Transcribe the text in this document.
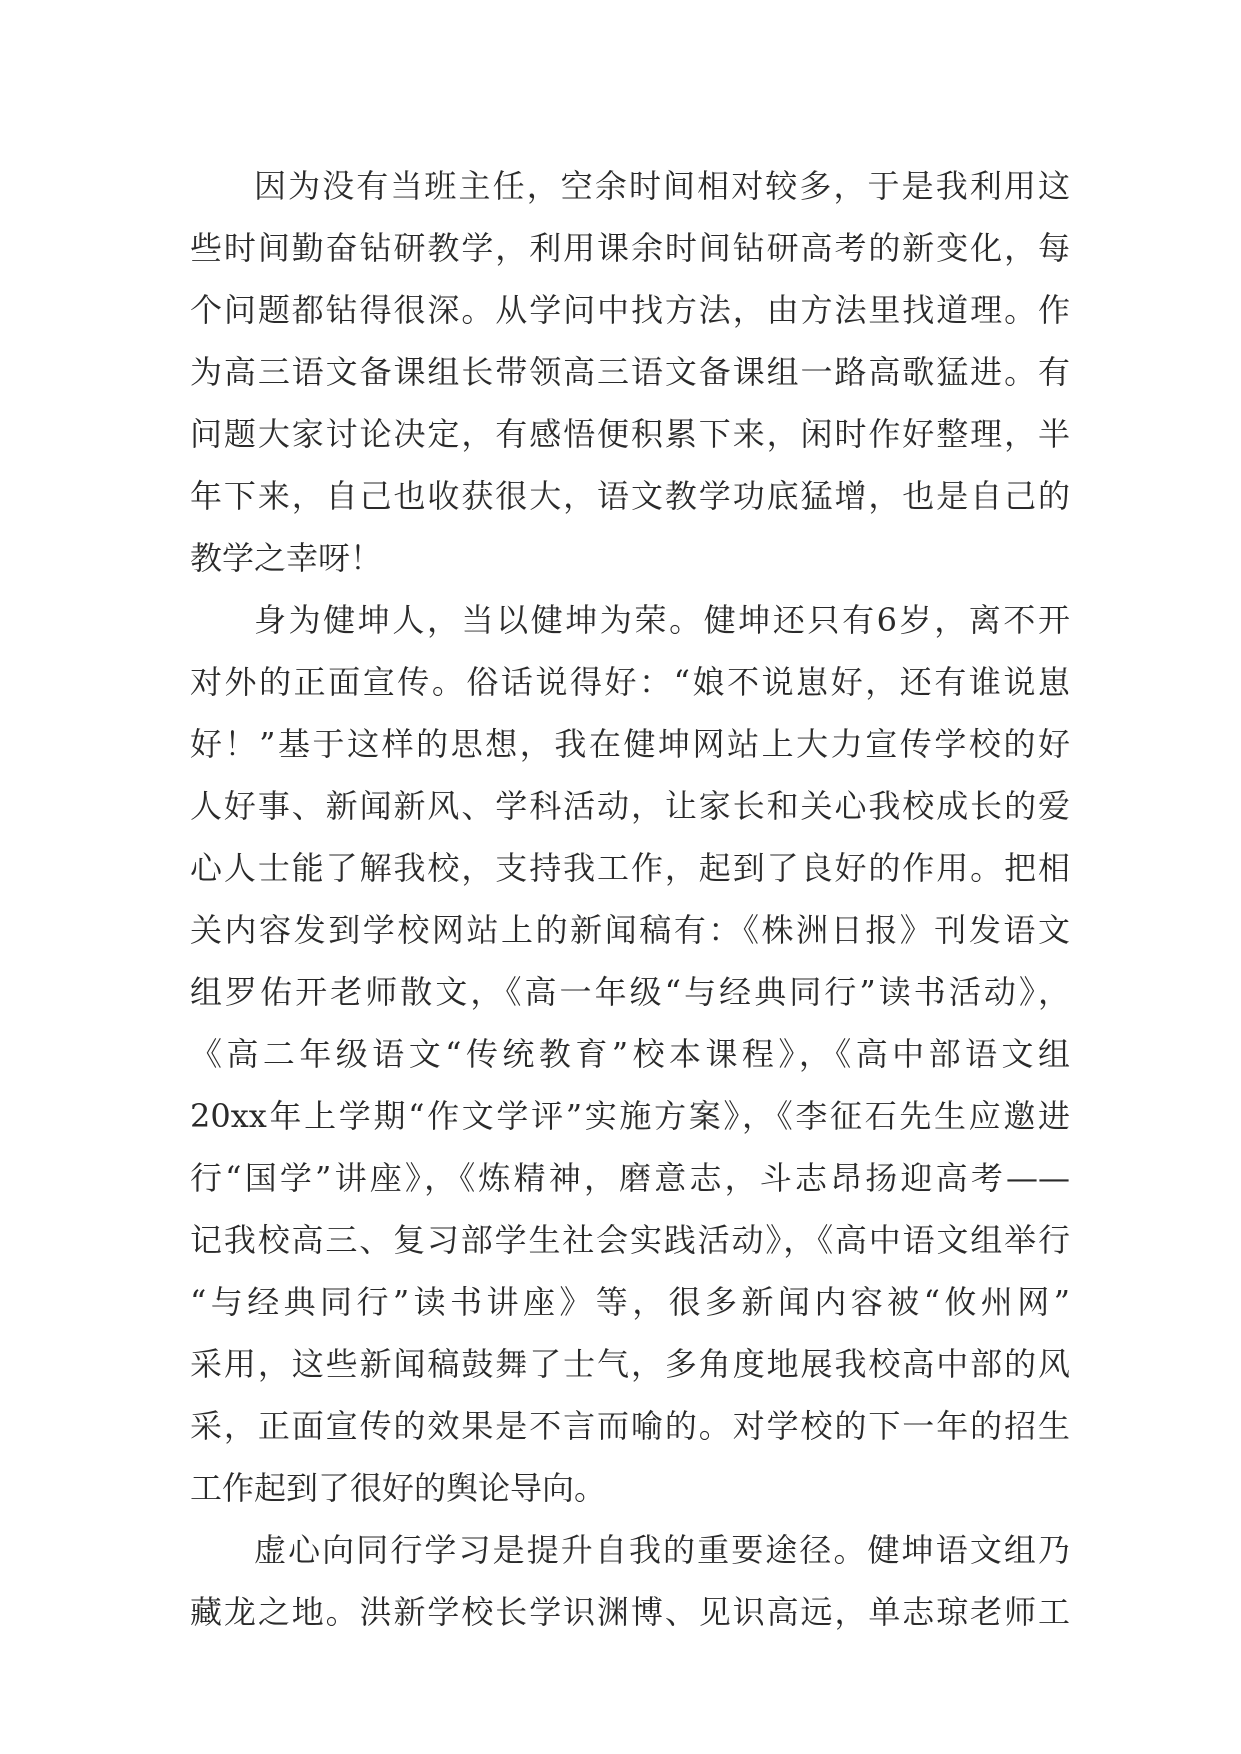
因为没有当班主任，空余时间相对较多，于是我利用这
些时间勤奋钻研教学，利用课余时间钻研高考的新变化，每
个问题都钻得很深。从学问中找方法，由方法里找道理。作
为高三语文备课组长带领高三语文备课组一路高歌猛进。有
问题大家讨论决定，有感悟便积累下来，闲时作好整理，半
年下来，自己也收获很大，语文教学功底猛增，也是自己的
教学之幸呀！
身为健坤人，当以健坤为荣。健坤还只有6岁，离不开
对外的正面宣传。俗话说得好：“娘不说崽好，还有谁说崽
好！”基于这样的思想，我在健坤网站上大力宣传学校的好
人好事、新闻新风、学科活动，让家长和关心我校成长的爱
心人士能了解我校，支持我工作，起到了良好的作用。把相
关内容发到学校网站上的新闻稿有：《株洲日报》刊发语文
组罗佑开老师散文，《高一年级“与经典同行”读书活动》，
《高二年级语文“传统教育”校本课程》，《高中部语文组
20xx年上学期“作文学评”实施方案》，《李征石先生应邀进
行“国学”讲座》，《炼精神，磨意志，斗志昂扬迎高考——
记我校高三、复习部学生社会实践活动》，《高中语文组举行
“与经典同行”读书讲座》等，很多新闻内容被“攸州网”
采用，这些新闻稿鼓舞了士气，多角度地展我校高中部的风
采，正面宣传的效果是不言而喻的。对学校的下一年的招生
工作起到了很好的舆论导向。
虚心向同行学习是提升自我的重要途径。健坤语文组乃
藏龙之地。洪新学校长学识渊博、见识高远，单志琼老师工
